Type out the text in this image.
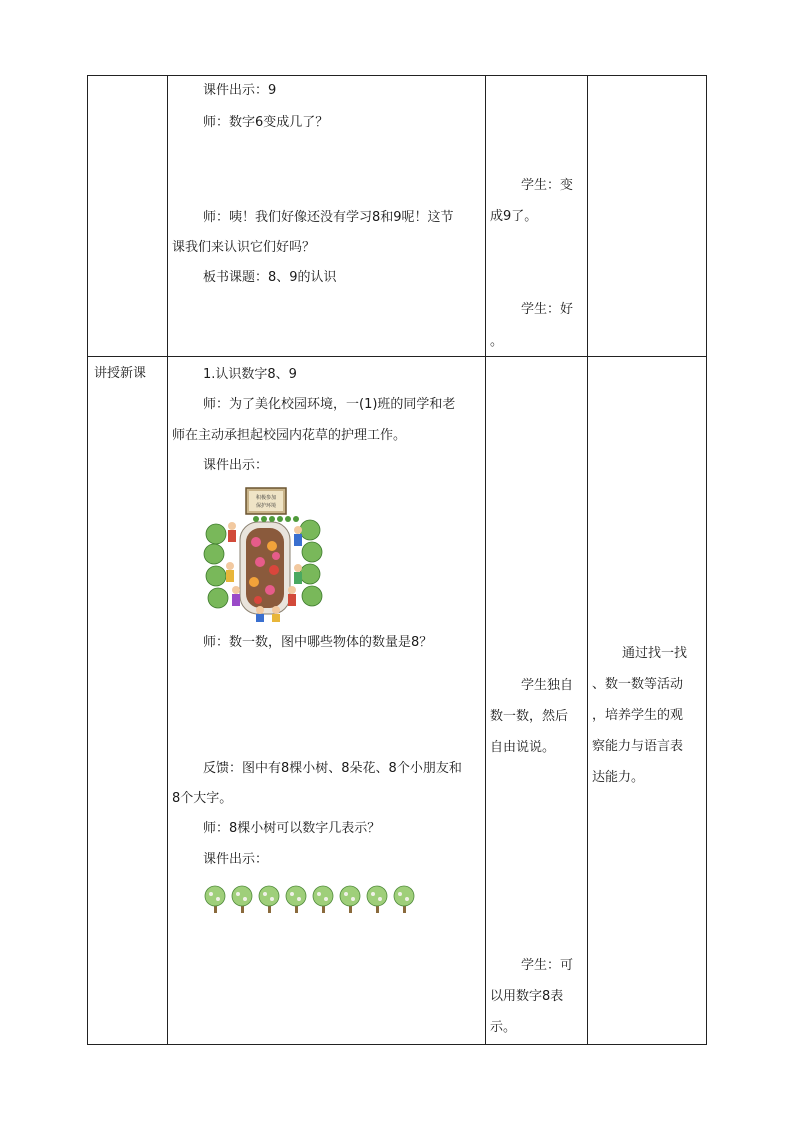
课件出示：9
师：数字6变成几了？
师：咦！我们好像还没有学习8和9呢！这节
课我们来认识它们好吗？
板书课题：8、9的认识
学生：变
成9了。
学生：好
。
讲授新课	1.认识数字8、9
师：为了美化校园环境，一(1)班的同学和老
师在主动承担起校园内花草的护理工作。
课件出示：
积极参加
保护环境
师：数一数，图中哪些物体的数量是8？
反馈：图中有8棵小树、8朵花、8个小朋友和
8个大字。
师：8棵小树可以数字几表示？
课件出示：
学生独自
数一数，然后
自由说说。
学生：可
以用数字8表
示。
通过找一找
、数一数等活动
，培养学生的观
察能力与语言表
达能力。
